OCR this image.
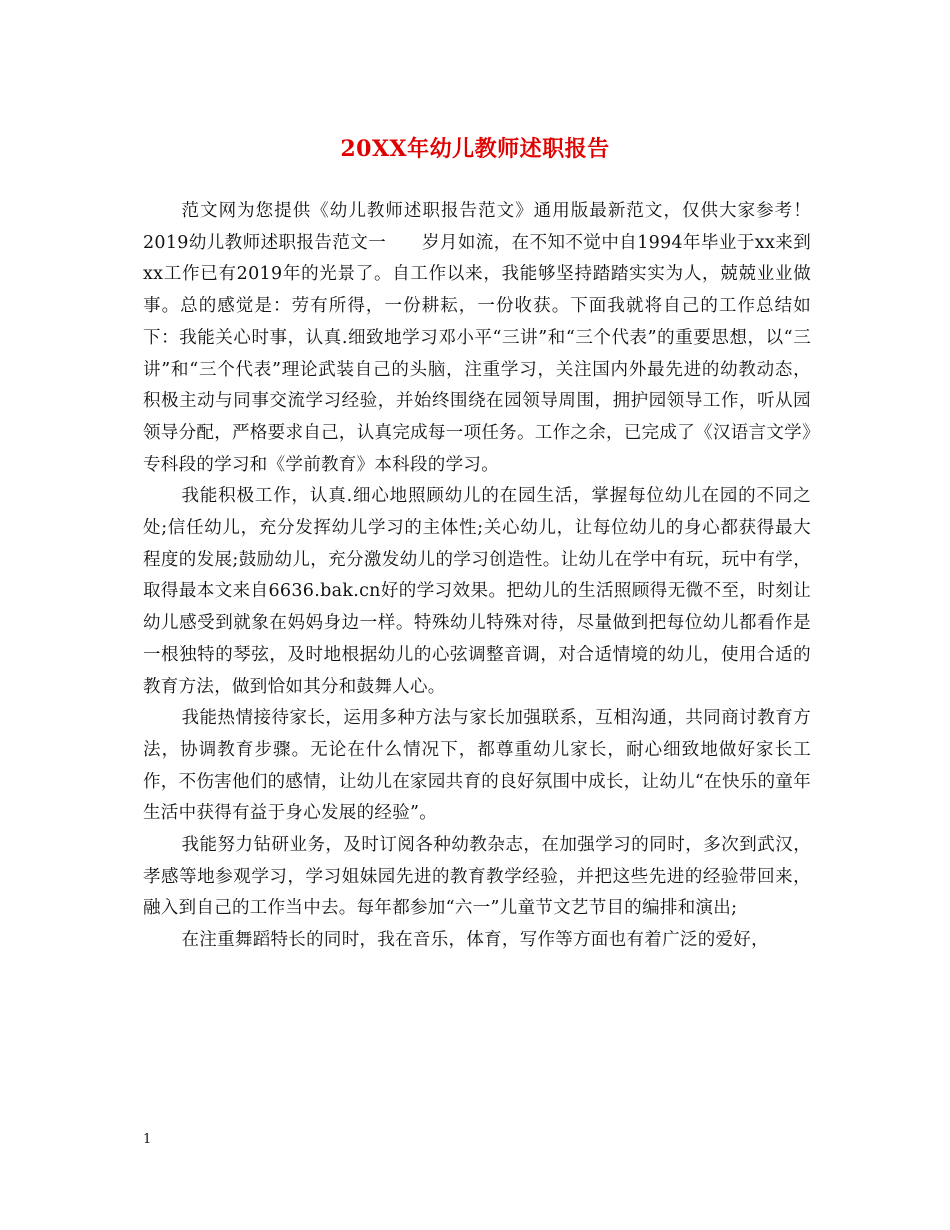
20XX年幼儿教师述职报告

范文网为您提供《幼儿教师述职报告范文》通用版最新范文，仅供大家参考！2019幼儿教师述职报告范文一　　岁月如流，在不知不觉中自1994年毕业于xx来到xx工作已有2019年的光景了。自工作以来，我能够坚持踏踏实实为人，兢兢业业做事。总的感觉是：劳有所得，一份耕耘，一份收获。下面我就将自己的工作总结如下：我能关心时事，认真.细致地学习邓小平“三讲”和“三个代表”的重要思想，以“三讲”和“三个代表”理论武装自己的头脑，注重学习，关注国内外最先进的幼教动态，积极主动与同事交流学习经验，并始终围绕在园领导周围，拥护园领导工作，听从园领导分配，严格要求自己，认真完成每一项任务。工作之余，已完成了《汉语言文学》专科段的学习和《学前教育》本科段的学习。

我能积极工作，认真.细心地照顾幼儿的在园生活，掌握每位幼儿在园的不同之处;信任幼儿，充分发挥幼儿学习的主体性;关心幼儿，让每位幼儿的身心都获得最大程度的发展;鼓励幼儿，充分激发幼儿的学习创造性。让幼儿在学中有玩，玩中有学，取得最本文来自6636.bak.cn好的学习效果。把幼儿的生活照顾得无微不至，时刻让幼儿感受到就象在妈妈身边一样。特殊幼儿特殊对待，尽量做到把每位幼儿都看作是一根独特的琴弦，及时地根据幼儿的心弦调整音调，对合适情境的幼儿，使用合适的教育方法，做到恰如其分和鼓舞人心。

我能热情接待家长，运用多种方法与家长加强联系，互相沟通，共同商讨教育方法，协调教育步骤。无论在什么情况下，都尊重幼儿家长，耐心细致地做好家长工作，不伤害他们的感情，让幼儿在家园共育的良好氛围中成长，让幼儿“在快乐的童年生活中获得有益于身心发展的经验”。

我能努力钻研业务，及时订阅各种幼教杂志，在加强学习的同时，多次到武汉，孝感等地参观学习，学习姐妹园先进的教育教学经验，并把这些先进的经验带回来，融入到自己的工作当中去。每年都参加“六一”儿童节文艺节目的编排和演出;

在注重舞蹈特长的同时，我在音乐，体育，写作等方面也有着广泛的爱好，

1
